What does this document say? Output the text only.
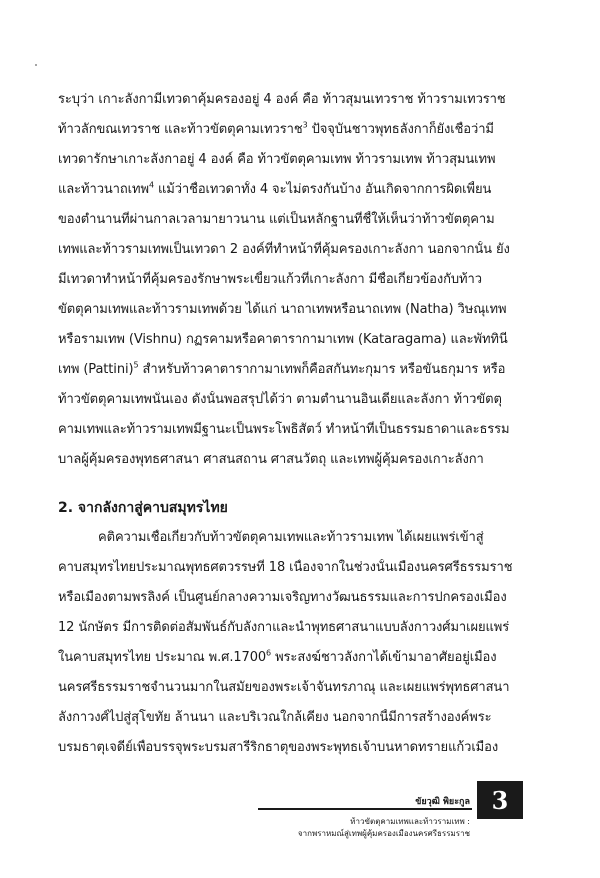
ระบุว่า เกาะลังกามีเทวดาคุ้มครองอยู่ 4 องค์ คือ ท้าวสุมนเทวราช ท้าวรามเทวราช
ท้าวลักขณเทวราช และท้าวขัตตุคามเทวราช$^3$ ปัจจุบันชาวพุทธลังกาก็ยังเชื่อว่ามี
เทวดารักษาเกาะลังกาอยู่ 4 องค์ คือ ท้าวขัตตุคามเทพ ท้าวรามเทพ ท้าวสุมนเทพ
และท้าวนาถเทพ$^4$ แม้ว่าชื่อเทวดาทั้ง 4 จะไม่ตรงกันบ้าง อันเกิดจากการผิดเพี้ยน
ของตำนานที่ผ่านกาลเวลามายาวนาน แต่เป็นหลักฐานที่ชี้ให้เห็นว่าท้าวขัตตุคาม
เทพและท้าวรามเทพเป็นเทวดา 2 องค์ที่ทำหน้าที่คุ้มครองเกาะลังกา นอกจากนั้น ยัง
มีเทวดาทำหน้าที่คุ้มครองรักษาพระเขี้ยวแก้วที่เกาะลังกา มีชื่อเกี่ยวข้องกับท้าว
ขัตตุคามเทพและท้าวรามเทพด้วย ได้แก่ นาถาเทพหรือนาถเทพ (Natha) วิษณุเทพ
หรือรามเทพ (Vishnu) กฏรคามหรือคาตารากามาเทพ (Kataragama) และพัททินี
เทพ (Pattini)$^5$ สำหรับท้าวคาตารากามาเทพก็คือสกันทะกุมาร หรือขันธกุมาร หรือ
ท้าวขัตตุคามเทพนั่นเอง ดังนั้นพอสรุปได้ว่า ตามตำนานอินเดียและลังกา ท้าวขัตตุ
คามเทพและท้าวรามเทพมีฐานะเป็นพระโพธิสัตว์ ทำหน้าที่เป็นธรรมธาดาและธรรม
บาลผู้คุ้มครองพุทธศาสนา ศาสนสถาน ศาสนวัตถุ และเทพผู้คุ้มครองเกาะลังกา
2. จากลังกาสู่คาบสมุทรไทย
คติความเชื่อเกี่ยวกับท้าวขัตตุคามเทพและท้าวรามเทพ ได้เผยแพร่เข้าสู่
คาบสมุทรไทยประมาณพุทธศตวรรษที่ 18 เนื่องจากในช่วงนั้นเมืองนครศรีธรรมราช
หรือเมืองตามพรลิงค์ เป็นศูนย์กลางความเจริญทางวัฒนธรรมและการปกครองเมือง
12 นักษัตร มีการติดต่อสัมพันธ์กับลังกาและนำพุทธศาสนาแบบลังกาวงศ์มาเผยแพร่
ในคาบสมุทรไทย ประมาณ พ.ศ.1700$^6$ พระสงฆ์ชาวลังกาได้เข้ามาอาศัยอยู่เมือง
นครศรีธรรมราชจำนวนมากในสมัยของพระเจ้าจันทรภาณุ และเผยแพร่พุทธศาสนา
ลังกาวงศ์ไปสู่สุโขทัย ล้านนา และบริเวณใกล้เคียง นอกจากนี้มีการสร้างองค์พระ
บรมธาตุเจดีย์เพื่อบรรจุพระบรมสารีริกธาตุของพระพุทธเจ้าบนหาดทรายแก้วเมือง
ขัยวุฒิ พิยะกูล
ท้าวขัตตุคามเทพและท้าวรามเทพ :
จากพราหมณ์สู่เทพผู้คุ้มครองเมืองนครศรีธรรมราช
3
